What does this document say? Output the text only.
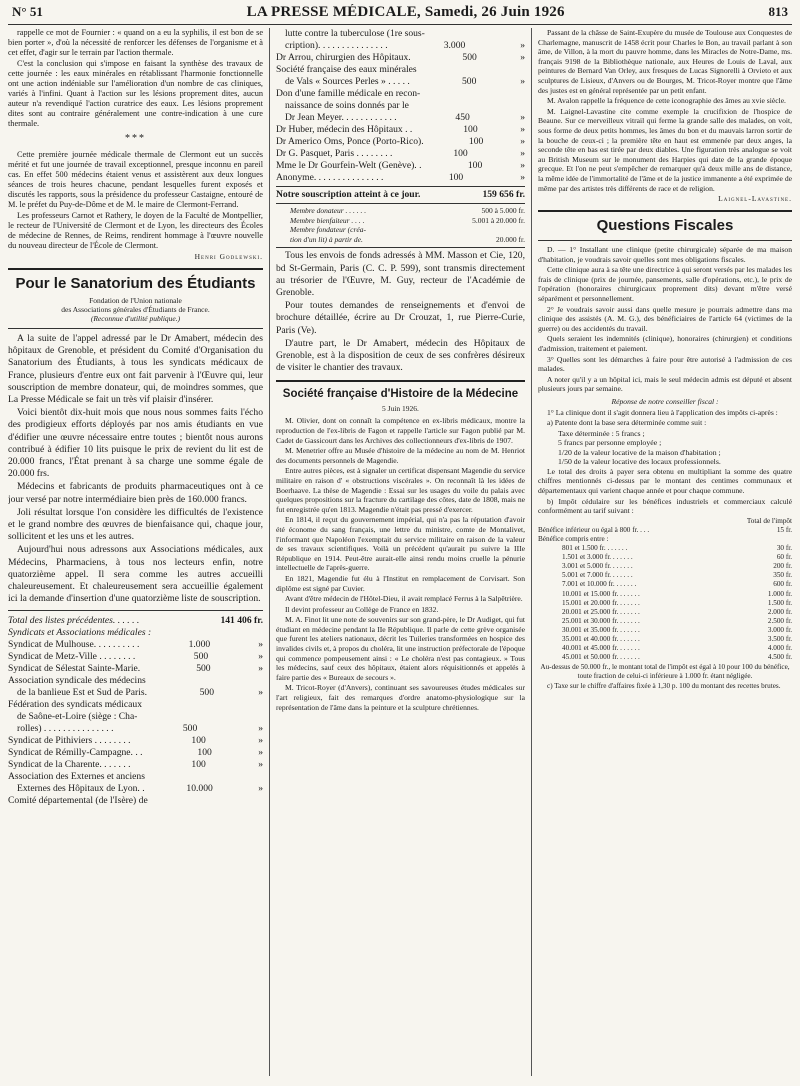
N° 51	LA PRESSE MÉDICALE, Samedi, 26 Juin 1926	813

rappelle ce mot de Fournier : « quand on a eu la syphilis, il est bon de se bien porter », d'où la nécessité de renforcer les défenses de l'organisme et à cet effet, d'agir sur le terrain par l'action thermale.

C'est la conclusion qui s'impose en faisant la synthèse des travaux de cette journée : les eaux minérales en rétablissant l'harmonie fonctionnelle ont une action indéniable sur l'amélioration d'un nombre de cas cliniques, variés à l'infini. Quant à l'action sur les lésions proprement dites, aucun auteur n'a revendiqué l'action curatrice des eaux. Les lésions proprement dites sont au contraire généralement une contre-indication à une cure thermale.

***

Cette première journée médicale thermale de Clermont eut un succès mérité et fut une journée de travail exceptionnel, presque inconnu en pareil cas. En effet 500 médecins étaient venus et assistèrent aux deux longues séances de trois heures chacune, pendant lesquelles furent exposés et discutés les rapports, sous la présidence du professeur Castaigne, entouré de M. le préfet du Puy-de-Dôme et de M. le maire de Clermont-Ferrand.

Les professeurs Carnot et Rathery, le doyen de la Faculté de Montpellier, le recteur de l'Université de Clermont et de Lyon, les directeurs des Écoles de médecine de Rennes, de Reims, rendirent hommage à l'œuvre nouvelle du nouveau directeur de l'École de Clermont.

Henri Godlewski.
Pour le Sanatorium des Étudiants
Fondation de l'Union nationale
des Associations générales d'Étudiants de France.
(Reconnue d'utilité publique.)

A la suite de l'appel adressé par le Dr Amabert, médecin des hôpitaux de Grenoble, et président du Comité d'Organisation du Sanatorium des Étudiants, à tous les syndicats médicaux de France, plusieurs d'entre eux ont fait parvenir à l'Œuvre qui, leur souscription de membre donateur, qui, de moindres sommes, que La Presse Médicale se fait un très vif plaisir d'insérer.

Voici bientôt dix-huit mois que nous nous sommes faits l'écho des prodigieux efforts déployés par nos amis étudiants en vue d'édifier une œuvre nécessaire entre toutes ; bientôt nous aurons contribué à édifier 10 lits puisque le prix de revient du lit est de 20.000 francs, l'État prenant à sa charge une somme égale de 20.000 frs.

Médecins et fabricants de produits pharmaceutiques ont à ce jour versé par notre intermédiaire bien près de 160.000 francs.

Joli résultat lorsque l'on considère les difficultés de l'existence et le grand nombre des œuvres de bienfaisance qui, chaque jour, sollicitent et les uns et les autres.

Aujourd'hui nous adressons aux Associations médicales, aux Médecins, Pharmaciens, à tous nos lecteurs enfin, notre quatorzième appel. Il sera comme les autres accueilli chaleureusement. Et chaleureusement sera accueillie également ici la demande d'insertion d'une quatorzième liste de souscription.

Total des listes précédentes. . . . . .	141 406 fr.
Syndicats et Associations médicales :
Syndicat de Mulhouse. . . . . . . . . .	1.000	»
Syndicat de Metz-Ville . . . . . . . .	500	»
Syndicat de Sélestat Sainte-Marie.	500	»
Association syndicale des médecins
de la banlieue Est et Sud de Paris.	500	»
Fédération des syndicats médicaux
de Saône-et-Loire (siège : Cha-
rolles) . . . . . . . . . . . . . . .	500	»
Syndicat de Pithiviers . . . . . . . .	100	»
Syndicat de Rémilly-Campagne. . .	100	»
Syndicat de la Charente. . . . . . .	100	»
Association des Externes et anciens
Externes des Hôpitaux de Lyon. .	10.000	»
Comité départemental (de l'Isère) de
lutte contre la tuberculose (1re sous-
cription). . . . . . . . . . . . . . .	3.000	»
Dr Arrou, chirurgien des Hôpitaux.	500	»
Société française des eaux minérales
de Vals « Sources Perles » . . . . .	500	»
Don d'une famille médicale en recon-
naissance de soins donnés par le
Dr Jean Meyer. . . . . . . . . . . .	450	»
Dr Huber, médecin des Hôpitaux . .	100	»
Dr Americo Oms, Ponce (Porto-Rico).	100	»
Dr G. Pasquet, Paris . . . . . . . .	100	»
Mme le Dr Gourfein-Welt (Genève). .	100	»
Anonyme. . . . . . . . . . . . . . .	100	»
Notre souscription atteint à ce jour.	159 656 fr.
Membre donateur . . . . . .	500 à 5.000 fr.
Membre bienfaiteur . . . .	5.001 à 20.000 fr.
Membre fondateur (créa-
tion d'un lit) à partir de.	20.000 fr.

Tous les envois de fonds adressés à MM. Masson et Cie, 120, bd St-Germain, Paris (C. C. P. 599), sont transmis directement au trésorier de l'Œuvre, M. Guy, recteur de l'Académie de Grenoble.

Pour toutes demandes de renseignements et d'envoi de brochure détaillée, écrire au Dr Crouzat, 1, rue Pierre-Curie, Paris (Ve).

D'autre part, le Dr Amabert, médecin des Hôpitaux de Grenoble, est à la disposition de ceux de ses confrères désireux de visiter le chantier des travaux.

Société française d'Histoire de la Médecine
5 Juin 1926.

M. Olivier, dont on connaît la compétence en ex-libris médicaux, montre la reproduction de l'ex-libris de Fagon et rappelle l'article sur Fagon publié par M. Cadet de Gassicourt dans les Archives des collectionneurs d'ex-libris de 1907.

M. Menetrier offre au Musée d'histoire de la médecine au nom de M. Henriot des documents personnels de Magendie.

Entre autres pièces, est à signaler un certificat dispensant Magendie du service militaire en raison d' « obstructions viscérales ». On reconnaît là les idées de Boerhaave. La thèse de Magendie : Essai sur les usages du voile du palais avec quelques propositions sur la fracture du cartilage des côtes, date de 1808, mais ne fut enregistrée qu'en 1813. Magendie n'était pas pressé d'exercer.

En 1814, il reçut du gouvernement impérial, qui n'a pas la réputation d'avoir été économe du sang français, une lettre du ministre, comte de Montalivet, l'informant que Napoléon l'exemptait du service militaire en raison de la valeur de ses travaux scientifiques. Voilà un précédent qu'aurait pu suivre la IIIe République en 1914. Peut-être aurait-elle ainsi rendu moins cruelle la pénurie intellectuelle de l'après-guerre.

En 1821, Magendie fut élu à l'Institut en remplacement de Corvisart. Son diplôme est signé par Cuvier.

Avant d'être médecin de l'Hôtel-Dieu, il avait remplacé Ferrus à la Salpêtrière.

Il devint professeur au Collège de France en 1832.

M. A. Finot lit une note de souvenirs sur son grand-père, le Dr Audiget, qui fut étudiant en médecine pendant la IIe République. Il parle de cette grève organisée que furent les ateliers nationaux, décrit les Tuileries transformées en hospice des invalides civils et, à propos du choléra, lit une instruction préfectorale de l'époque qui commence pompeusement ainsi : « Le choléra n'est pas contagieux. » Tous les médecins, sauf ceux des hôpitaux, étaient alors réquisitionnés et appelés à faire partie des « Bureaux de secours ».

M. Tricot-Royer (d'Anvers), continuant ses savoureuses études médicales sur l'art religieux, fait des remarques d'ordre anatomo-physiologique sur la représentation de l'âme dans la peinture et la sculpture chrétiennes.

Passant de la châsse de Saint-Exupère du musée de Toulouse aux Conquestes de Charlemagne, manuscrit de 1458 écrit pour Charles le Bon, au travail parlant à son âme, de Villon, à la mort du pauvre homme, dans les Miracles de Notre-Dame, ms. français 9198 de la Bibliothèque nationale, aux Heures de Louis de Laval, aux peintures de Bernard Van Orley, aux fresques de Lucas Signorelli à Orvieto et aux sculptures de Lisieux, d'Anvers ou de Bourges, M. Tricot-Royer montre que l'âme des justes est en général représentée par un petit enfant.

M. Avalon rappelle la fréquence de cette iconographie des âmes au xvie siècle.

M. Laignel-Lavastine cite comme exemple la crucifixion de l'hospice de Beaune. Sur ce merveilleux vitrail qui ferme la grande salle des malades, on voit, sous forme de deux petits hommes, les âmes du bon et du mauvais larron sortir de la bouche de ceux-ci ; la première tête en haut est emmenée par deux anges, la seconde tête en bas est tirée par deux diables. Une figuration très analogue se voit au British Museum sur le monument des Harpies qui date de la grande époque grecque. Et l'on ne peut s'empêcher de remarquer qu'à deux mille ans de distance, la même idée de l'immortalité de l'âme et de la justice immanente a été exprimée de même par des artistes très différents de race et de religion.

Laignel-Lavastine.
Questions Fiscales

D. — 1° Installant une clinique (petite chirurgicale) séparée de ma maison d'habitation, je voudrais savoir quelles sont mes obligations fiscales.

Cette clinique aura à sa tête une directrice à qui seront versés par les malades les frais de clinique (prix de journée, pansements, salle d'opérations, etc.), le prix de l'opération (honoraires chirurgicaux proprement dits) devant m'être versé séparément et personnellement.

2° Je voudrais savoir aussi dans quelle mesure je pourrais admettre dans ma clinique des assistés (A. M. G.), des bénéficiaires de l'article 64 (victimes de la guerre) ou des accidentés du travail.

Quels seraient les indemnités (clinique), honoraires (chirurgien) et conditions d'admission, traitement et paiement.

3° Quelles sont les démarches à faire pour être autorisé à l'admission de ces malades.

A noter qu'il y a un hôpital ici, mais le seul médecin admis est député et absent plusieurs jours par semaine.

Réponse de notre conseiller fiscal :

1° La clinique dont il s'agit donnera lieu à l'application des impôts ci-après :

a) Patente dont la base sera déterminée comme suit :

Taxe déterminée : 5 francs ;
5 francs par personne employée ;
1/20 de la valeur locative de la maison d'habitation ;
1/50 de la valeur locative des locaux professionnels.

Le total des droits à payer sera obtenu en multipliant la somme des quatre chiffres mentionnés ci-dessus par le montant des centimes communaux et départementaux qui varient chaque année et pour chaque commune.

b) Impôt cédulaire sur les bénéfices industriels et commerciaux calculé conformément au tarif suivant :

Total de l'impôt
Bénéfice inférieur ou égal à 800 fr. . . .	15 fr.
Bénéfice compris entre :
801 et 1.500 fr. . . . . . .	30 fr.
1.501 et 3.000 fr. . . . . . .	60 fr.
3.001 et 5.000 fr. . . . . . .	200 fr.
5.001 et 7.000 fr. . . . . . .	350 fr.
7.001 et 10.000 fr. . . . . . .	600 fr.
10.001 et 15.000 fr. . . . . . .	1.000 fr.
15.001 et 20.000 fr. . . . . . .	1.500 fr.
20.001 et 25.000 fr. . . . . . .	2.000 fr.
25.001 et 30.000 fr. . . . . . .	2.500 fr.
30.001 et 35.000 fr. . . . . . .	3.000 fr.
35.001 et 40.000 fr. . . . . . .	3.500 fr.
40.001 et 45.000 fr. . . . . . .	4.000 fr.
45.001 et 50.000 fr. . . . . . .	4.500 fr.

Au-dessus de 50.000 fr., le montant total de l'impôt est égal à 10 pour 100 du bénéfice, toute fraction de celui-ci inférieure à 1.000 fr. étant négligée.

c) Taxe sur le chiffre d'affaires fixée à 1,30 p. 100 du montant des recettes brutes.
